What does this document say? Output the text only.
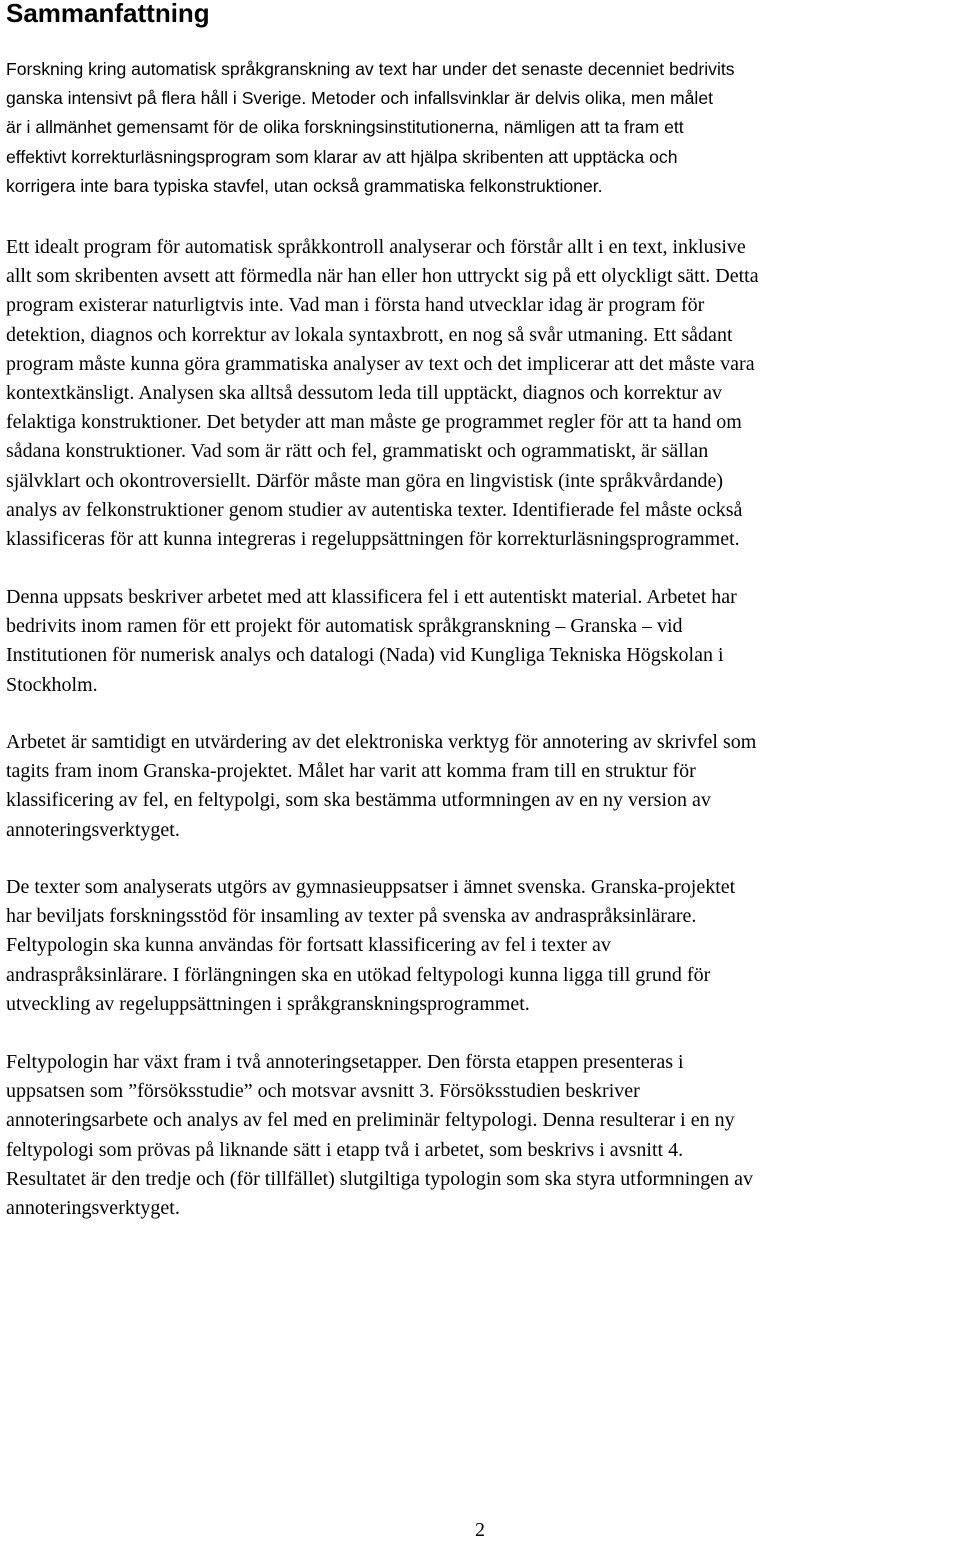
Sammanfattning
Forskning kring automatisk språkgranskning av text har under det senaste decenniet bedrivits
ganska intensivt på flera håll i Sverige. Metoder och infallsvinklar är delvis olika, men målet
är i allmänhet gemensamt för de olika forskningsinstitutionerna, nämligen att ta fram ett
effektivt korrekturläsningsprogram som klarar av att hjälpa skribenten att upptäcka och
korrigera inte bara typiska stavfel, utan också grammatiska felkonstruktioner.
Ett idealt program för automatisk språkkontroll analyserar och förstår allt i en text, inklusive
allt som skribenten avsett att förmedla när han eller hon uttryckt sig på ett olyckligt sätt. Detta
program existerar naturligtvis inte. Vad man i första hand utvecklar idag är program för
detektion, diagnos och korrektur av lokala syntaxbrott, en nog så svår utmaning. Ett sådant
program måste kunna göra grammatiska analyser av text och det implicerar att det måste vara
kontextkänsligt. Analysen ska alltså dessutom leda till upptäckt, diagnos och korrektur av
felaktiga konstruktioner. Det betyder att man måste ge programmet regler för att ta hand om
sådana konstruktioner. Vad som är rätt och fel, grammatiskt och ogrammatiskt, är sällan
självklart och okontroversiellt. Därför måste man göra en lingvistisk (inte språkvårdande)
analys av felkonstruktioner genom studier av autentiska texter. Identifierade fel måste också
klassificeras för att kunna integreras i regeluppsättningen för korrekturläsningsprogrammet.
Denna uppsats beskriver arbetet med att klassificera fel i ett autentiskt material. Arbetet har
bedrivits inom ramen för ett projekt för automatisk språkgranskning – Granska – vid
Institutionen för numerisk analys och datalogi (Nada) vid Kungliga Tekniska Högskolan i
Stockholm.
Arbetet är samtidigt en utvärdering av det elektroniska verktyg för annotering av skrivfel som
tagits fram inom Granska-projektet. Målet har varit att komma fram till en struktur för
klassificering av fel, en feltypolgi, som ska bestämma utformningen av en ny version av
annoteringsverktyget.
De texter som analyserats utgörs av gymnasieuppsatser i ämnet svenska. Granska-projektet
har beviljats forskningsstöd för insamling av texter på svenska av andraspråksinlärare.
Feltypologin ska kunna användas för fortsatt klassificering av fel i texter av
andraspråksinlärare. I förlängningen ska en utökad feltypologi kunna ligga till grund för
utveckling av regeluppsättningen i språkgranskningsprogrammet.
Feltypologin har växt fram i två annoteringsetapper. Den första etappen presenteras i
uppsatsen som ”försöksstudie” och motsvar avsnitt 3. Försöksstudien beskriver
annoteringsarbete och analys av fel med en preliminär feltypologi. Denna resulterar i en ny
feltypologi som prövas på liknande sätt i etapp två i arbetet, som beskrivs i avsnitt 4.
Resultatet är den tredje och (för tillfället) slutgiltiga typologin som ska styra utformningen av
annoteringsverktyget.
2
